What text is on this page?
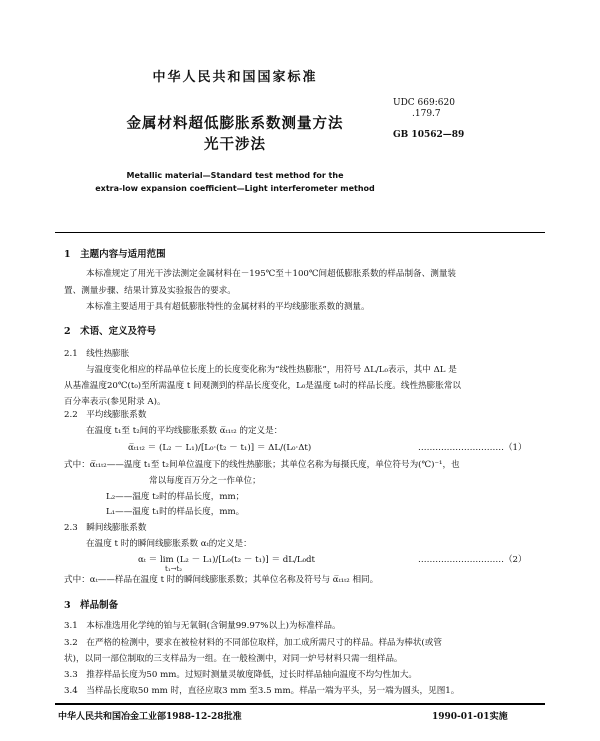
中华人民共和国国家标准
UDC 669:620
.179.7
GB 10562—89
金属材料超低膨胀系数测量方法
光干涉法
Metallic material—Standard test method for the
extra-low expansion coefficient—Light interferometer method
1　主题内容与适用范围
本标准规定了用光干涉法测定金属材料在－195℃至＋100℃间超低膨胀系数的样品制备、测量装
置、测量步骤、结果计算及实验报告的要求。
本标准主要适用于具有超低膨胀特性的金属材料的平均线膨胀系数的测量。
2　术语、定义及符号
2.1　线性热膨胀
与温度变化相应的样品单位长度上的长度变化称为“线性热膨胀”，用符号 ΔL/L₀表示，其中 ΔL 是
从基准温度20℃(t₀)至所需温度 t 间观测到的样品长度变化，L₀是温度 t₀时的样品长度。线性热膨胀常以
百分率表示(参见附录 A)。
2.2　平均线膨胀系数
在温度 t₁至 t₂间的平均线膨胀系数 α̅ₜ₁ₜ₂ 的定义是：
α̅ₜ₁ₜ₂ ＝ (L₂ － L₁)/[L₀·(t₂ － t₁)] ＝ ΔL/(L₀·Δt)	…………………………（1）
式中：α̅ₜ₁ₜ₂——温度 t₁至 t₂间单位温度下的线性热膨胀；其单位名称为每摄氏度，单位符号为(℃)⁻¹，也
常以每度百万分之一作单位；
L₂——温度 t₂时的样品长度，mm；
L₁——温度 t₁时的样品长度，mm。
2.3　瞬间线膨胀系数
在温度 t 时的瞬间线膨胀系数 αₜ的定义是：
αₜ ＝ lim (L₂ － L₁)/[L₀(t₂ － t₁)] ＝ dL/L₀dt
t₁→t₂
…………………………（2）
式中：αₜ——样品在温度 t 时的瞬间线膨胀系数；其单位名称及符号与 α̅ₜ₁ₜ₂ 相同。
3　样品制备
3.1　本标准选用化学纯的铂与无氧铜(含铜量99.97%以上)为标准样品。
3.2　在严格的检测中，要求在被检材料的不同部位取样，加工成所需尺寸的样品。样品为棒状(或管
状)，以同一部位制取的三支样品为一组。在一般检测中，对同一炉号材料只需一组样品。
3.3　推荐样品长度为50 mm。过短时测量灵敏度降低，过长时样品轴向温度不均匀性加大。
3.4　当样品长度取50 mm 时，直径应取3 mm 至3.5 mm。样品一端为平头，另一端为圆头，见图1。
中华人民共和国冶金工业部1988-12-28批准	1990-01-01实施
